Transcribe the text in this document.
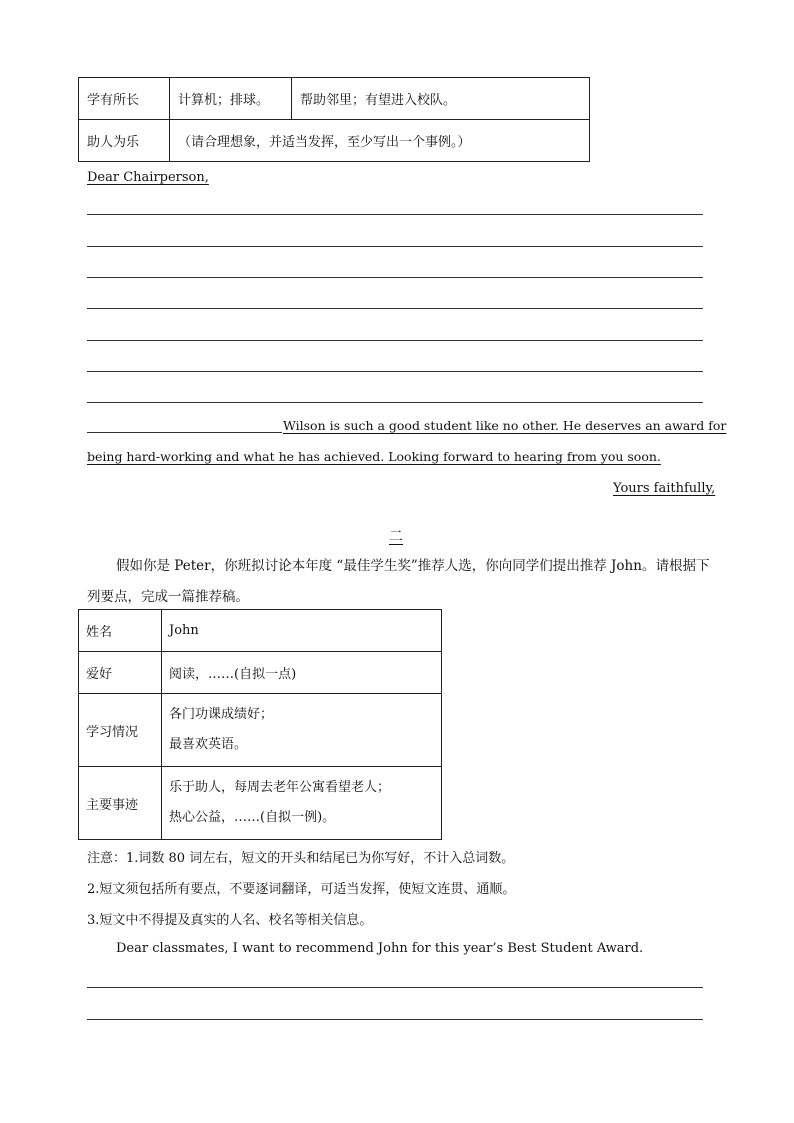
学有所长	计算机；排球。	帮助邻里；有望进入校队。
助人为乐	（请合理想象，并适当发挥，至少写出一个事例。）	
Dear Chairperson,
Wilson is such a good student like no other. He deserves an award for
being hard-working and what he has achieved. Looking forward to hearing from you soon.
Yours faithfully,
二
假如你是 Peter，你班拟讨论本年度 “最佳学生奖”推荐人选，你向同学们提出推荐 John。请根据下
列要点，完成一篇推荐稿。
姓名	John
爱好	阅读，……(自拟一点)
学习情况	各门功课成绩好；

最喜欢英语。

主要事迹	乐于助人，每周去老年公寓看望老人；

热心公益，……(自拟一例)。

注意：1.词数 80 词左右，短文的开头和结尾已为你写好，不计入总词数。
2.短文须包括所有要点，不要逐词翻译，可适当发挥，使短文连贯、通顺。
3.短文中不得提及真实的人名、校名等相关信息。
Dear classmates, I want to recommend John for this year’s Best Student Award.
